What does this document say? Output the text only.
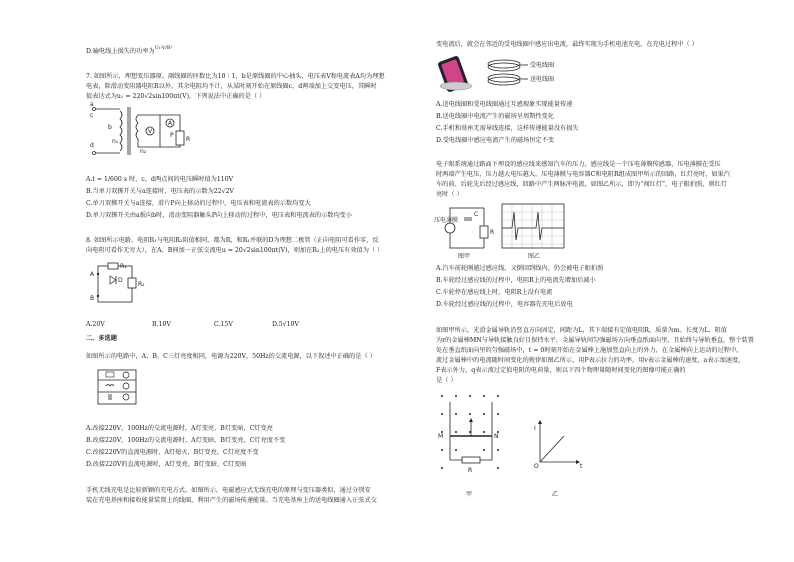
D.输电线上损失的功率为$^{U_1^2r/R^2}$
7. 如图所示，理想变压器原、副线圈的匝数比为10∶1，b是原线圈的中心抽头，电压表V和电流表A均为理想
电表，除滑动变阻器电阻R以外，其余电阻均不计，从某时刻开始在原线圈c、d两端加上交变电压，其瞬时
值表达式为u₁ = 220√2sin100πt(V)，下列说法中正确的是（ ）
a
b
c
d
n₁
n₂
V
A
R
P
A.t = 1/600 s 时，c、d两点间的电压瞬时值为110V
B.当单刀双掷开关与a连接时，电压表的示数为22√2V
C.单刀双掷开关与a连接，滑片P向上移动的过程中，电压表和电流表的示数均变大
D.单刀双掷开关由a扳向b时，滑动变阻器触头P向上移动的过程中，电压表和电流表的示数均变小
8. 如图所示电路，电阻R₁与电阻R₂阻值相同，都为R，和R₁并联的D为理想二极管（正向电阻可看作零，反
向电阻可看作无穷大），在A、B间加一正弦交流电u = 20√2sin100πt(V)，则加在R₂上的电压有效值为（ ）
A
B
R₁
D
R₂
A.20V	B.10V	C.15V	D.5√10V
二、多选题
如图所示的电路中，A、B、C三灯亮度相同，电源为220V，50Hz的交流电源，以下叙述中正确的是（ ）
A.改接220V，100Hz的交流电源时，A灯变亮，B灯变暗，C灯变亮
B.改接220V，100Hz的交流电源时，A灯变暗，B灯变亮，C灯亮度不变
C.改接220V的直流电源时，A灯熄灭，B灯变亮，C灯亮度不变
D.改接220V的直流电源时，A灯变亮，B灯变暗，C灯变暗
手机无线充电是比较新颖的充电方式。如图所示，电磁感应式无线充电的原理与变压器类似，通过分别安
装在充电基座和接收能量装置上的线圈，利用产生的磁场传递能量。当充电基座上的送电线圈通入正弦式交
变电流后，就会在邻近的受电线圈中感应出电流，最终实现为手机电池充电，在充电过程中（ ）
受电线圈
送电线圈
A.送电线圈和受电线圈通过互感现象实现能量传递
B.送电线圈中电流产生的磁场呈周期性变化
C.手机和基座无需导线连接，这样传递能量没有损失
D.受电线圈中感应电流产生的磁场恒定不变
电子眼系统通过路面下埋设的感应线来感知汽车的压力。感应线是一个压电薄膜传感器，压电薄膜在受压
时两端产生电压，压力越大电压越大，压电薄膜与电容器C和电阻R组成图甲所示的回路，红灯亮时，如果汽
车的前、后轮先后经过感应线，回路中产生两脉冲电流，如图乙所示，即为“闯红灯”，电子眼拍照，则红灯
亮时（ ）
压电薄膜
C
R
图甲	图乙
A.汽车前轮刚越过感应线，又倒回到线内，仍会被电子眼拍照
B.车轮经过感应线的过程中，电阻R上的电流先增加后减小
C.车轮停在感应线上时，电阻R上没有电流
D.车轮经过感应线的过程中，电容器先充电后放电
如图甲所示，光滑金属导轨沿竖直方向固定，间距为L，其下端接有定值电阻R，质量为m、长度为L、阻值
为r的金属棒MN与导轨接触良好且保持水平，金属导轨间匀强磁场方向垂直纸面向里，且始终与导轨垂直，整个装置
处在垂直纸面向里的匀强磁场中，t = 0时刻开始在金属棒上施加竖直向上的外力，在金属棒向上运动的过程中，
流过金属棒中的电流随时间变化的规律如图乙所示，用P表示拉力的功率，用v表示金属棒的速度，a表示加速度，
F表示外力，q表示流过定值电阻的电荷量，则以下四个物理量随时间变化的图像可能正确的
是（ ）
M	N
R
甲
I
O	t
乙
